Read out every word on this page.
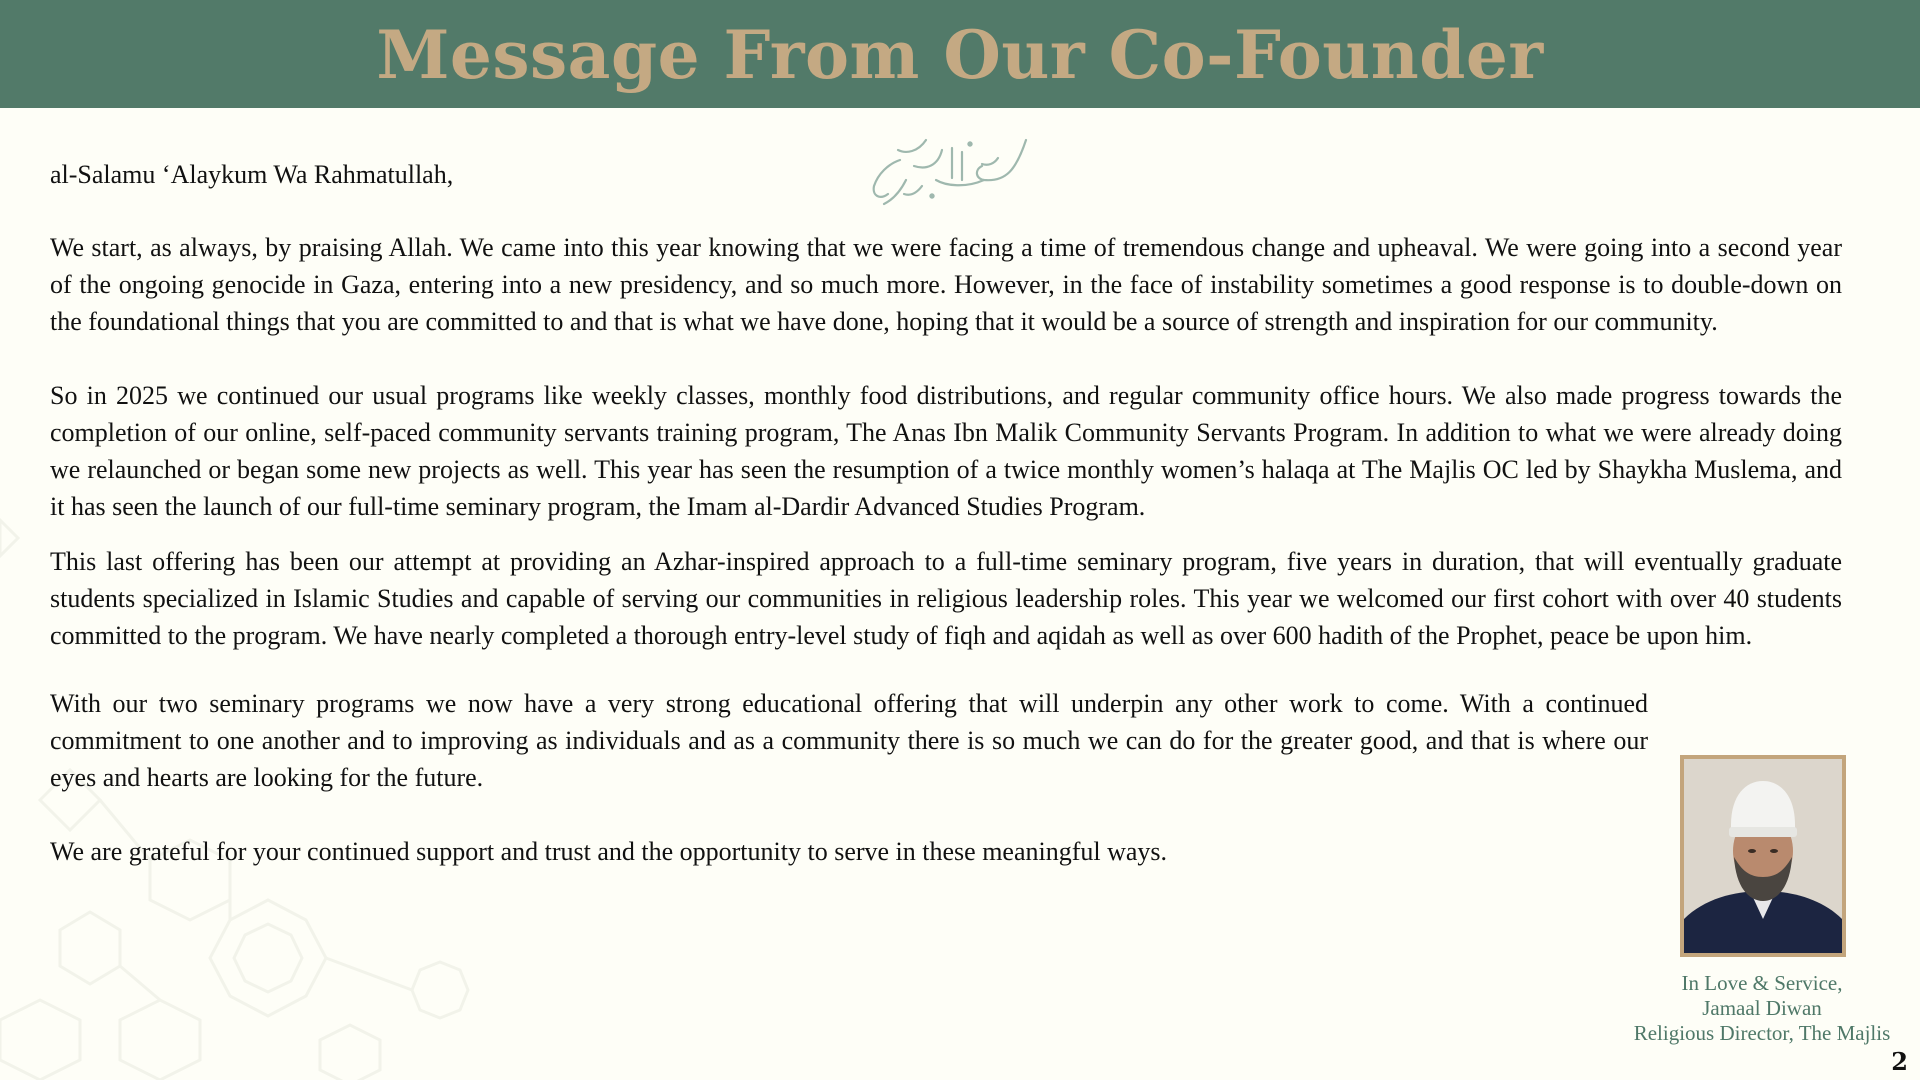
Message From Our Co-Founder

al-Salamu ‘Alaykum Wa Rahmatullah,

We start, as always, by praising Allah. We came into this year knowing that we were facing a time of tremendous change and upheaval. We were going into a second year of the ongoing genocide in Gaza, entering into a new presidency, and so much more. However, in the face of instability sometimes a good response is to double-down on the foundational things that you are committed to and that is what we have done, hoping that it would be a source of strength and inspiration for our community.

So in 2025 we continued our usual programs like weekly classes, monthly food distributions, and regular community office hours. We also made progress towards the completion of our online, self-paced community servants training program, The Anas Ibn Malik Community Servants Program. In addition to what we were already doing we relaunched or began some new projects as well. This year has seen the resumption of a twice monthly women’s halaqa at The Majlis OC led by Shaykha Muslema, and it has seen the launch of our full-time seminary program, the Imam al-Dardir Advanced Studies Program.

This last offering has been our attempt at providing an Azhar-inspired approach to a full-time seminary program, five years in duration, that will eventually graduate students specialized in Islamic Studies and capable of serving our communities in religious leadership roles. This year we welcomed our first cohort with over 40 students committed to the program. We have nearly completed a thorough entry-level study of fiqh and aqidah as well as over 600 hadith of the Prophet, peace be upon him.

With our two seminary programs we now have a very strong educational offering that will underpin any other work to come. With a continued commitment to one another and to improving as individuals and as a community there is so much we can do for the greater good, and that is where our eyes and hearts are looking for the future.

We are grateful for your continued support and trust and the opportunity to serve in these meaningful ways.

In Love & Service,
Jamaal Diwan
Religious Director, The Majlis
2
